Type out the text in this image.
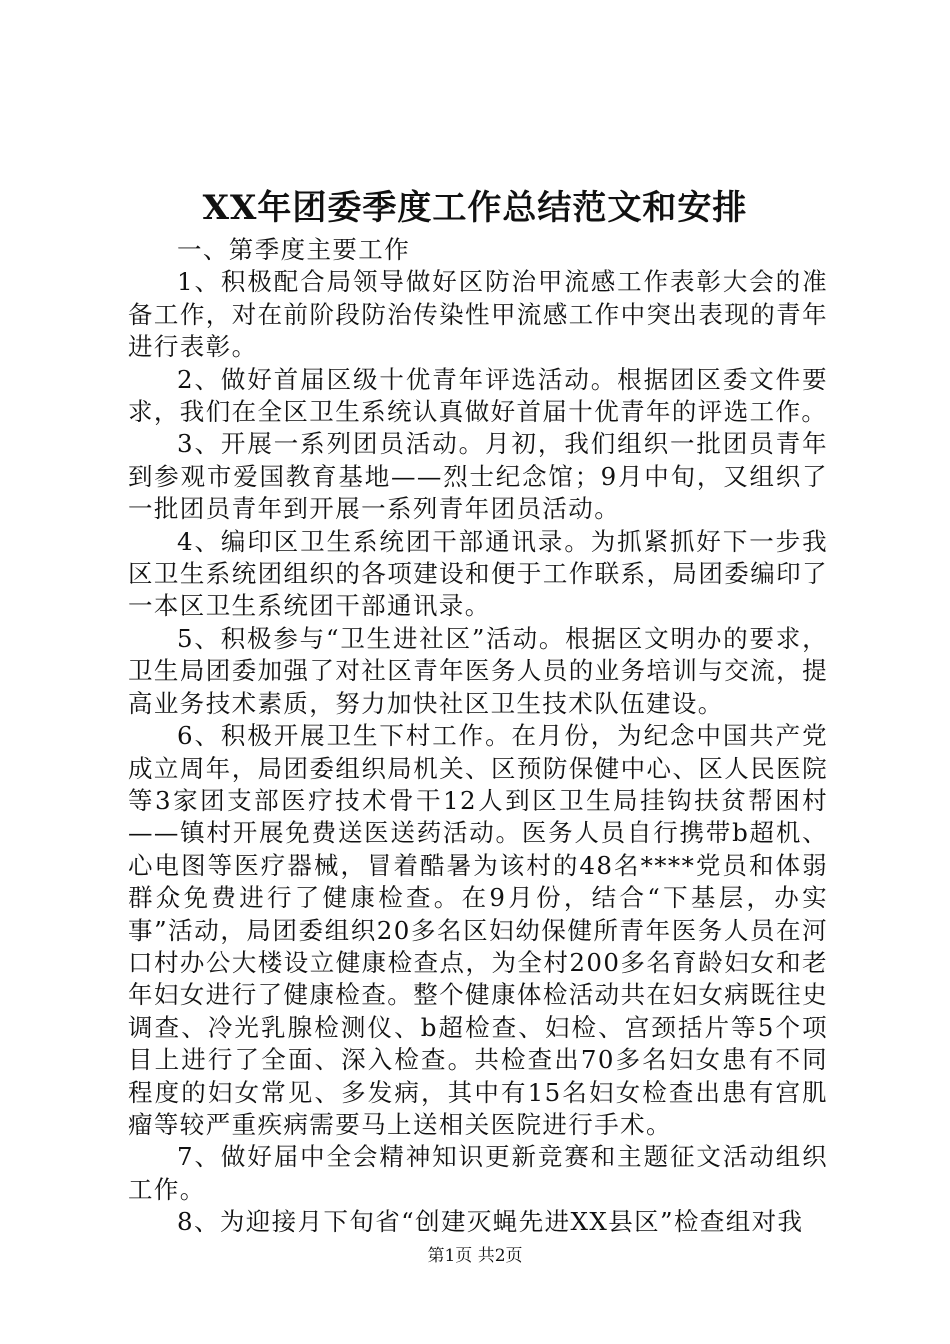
XX年团委季度工作总结范文和安排

一、第季度主要工作

1、积极配合局领导做好区防治甲流感工作表彰大会的准备工作，对在前阶段防治传染性甲流感工作中突出表现的青年进行表彰。

2、做好首届区级十优青年评选活动。根据团区委文件要求，我们在全区卫生系统认真做好首届十优青年的评选工作。

3、开展一系列团员活动。月初，我们组织一批团员青年到参观市爱国教育基地——烈士纪念馆；9月中旬，又组织了一批团员青年到开展一系列青年团员活动。

4、编印区卫生系统团干部通讯录。为抓紧抓好下一步我区卫生系统团组织的各项建设和便于工作联系，局团委编印了一本区卫生系统团干部通讯录。

5、积极参与“卫生进社区”活动。根据区文明办的要求，卫生局团委加强了对社区青年医务人员的业务培训与交流，提高业务技术素质，努力加快社区卫生技术队伍建设。

6、积极开展卫生下村工作。在月份，为纪念中国共产党成立周年，局团委组织局机关、区预防保健中心、区人民医院等3家团支部医疗技术骨干12人到区卫生局挂钩扶贫帮困村——镇村开展免费送医送药活动。医务人员自行携带b超机、心电图等医疗器械，冒着酷暑为该村的48名****党员和体弱群众免费进行了健康检查。在9月份，结合“下基层，办实事”活动，局团委组织20多名区妇幼保健所青年医务人员在河口村办公大楼设立健康检查点，为全村200多名育龄妇女和老年妇女进行了健康检查。整个健康体检活动共在妇女病既往史调查、冷光乳腺检测仪、b超检查、妇检、宫颈括片等5个项目上进行了全面、深入检查。共检查出70多名妇女患有不同程度的妇女常见、多发病，其中有15名妇女检查出患有宫肌瘤等较严重疾病需要马上送相关医院进行手术。

7、做好届中全会精神知识更新竞赛和主题征文活动组织工作。

8、为迎接月下旬省“创建灭蝇先进XX县区”检查组对我

第1页 共2页
